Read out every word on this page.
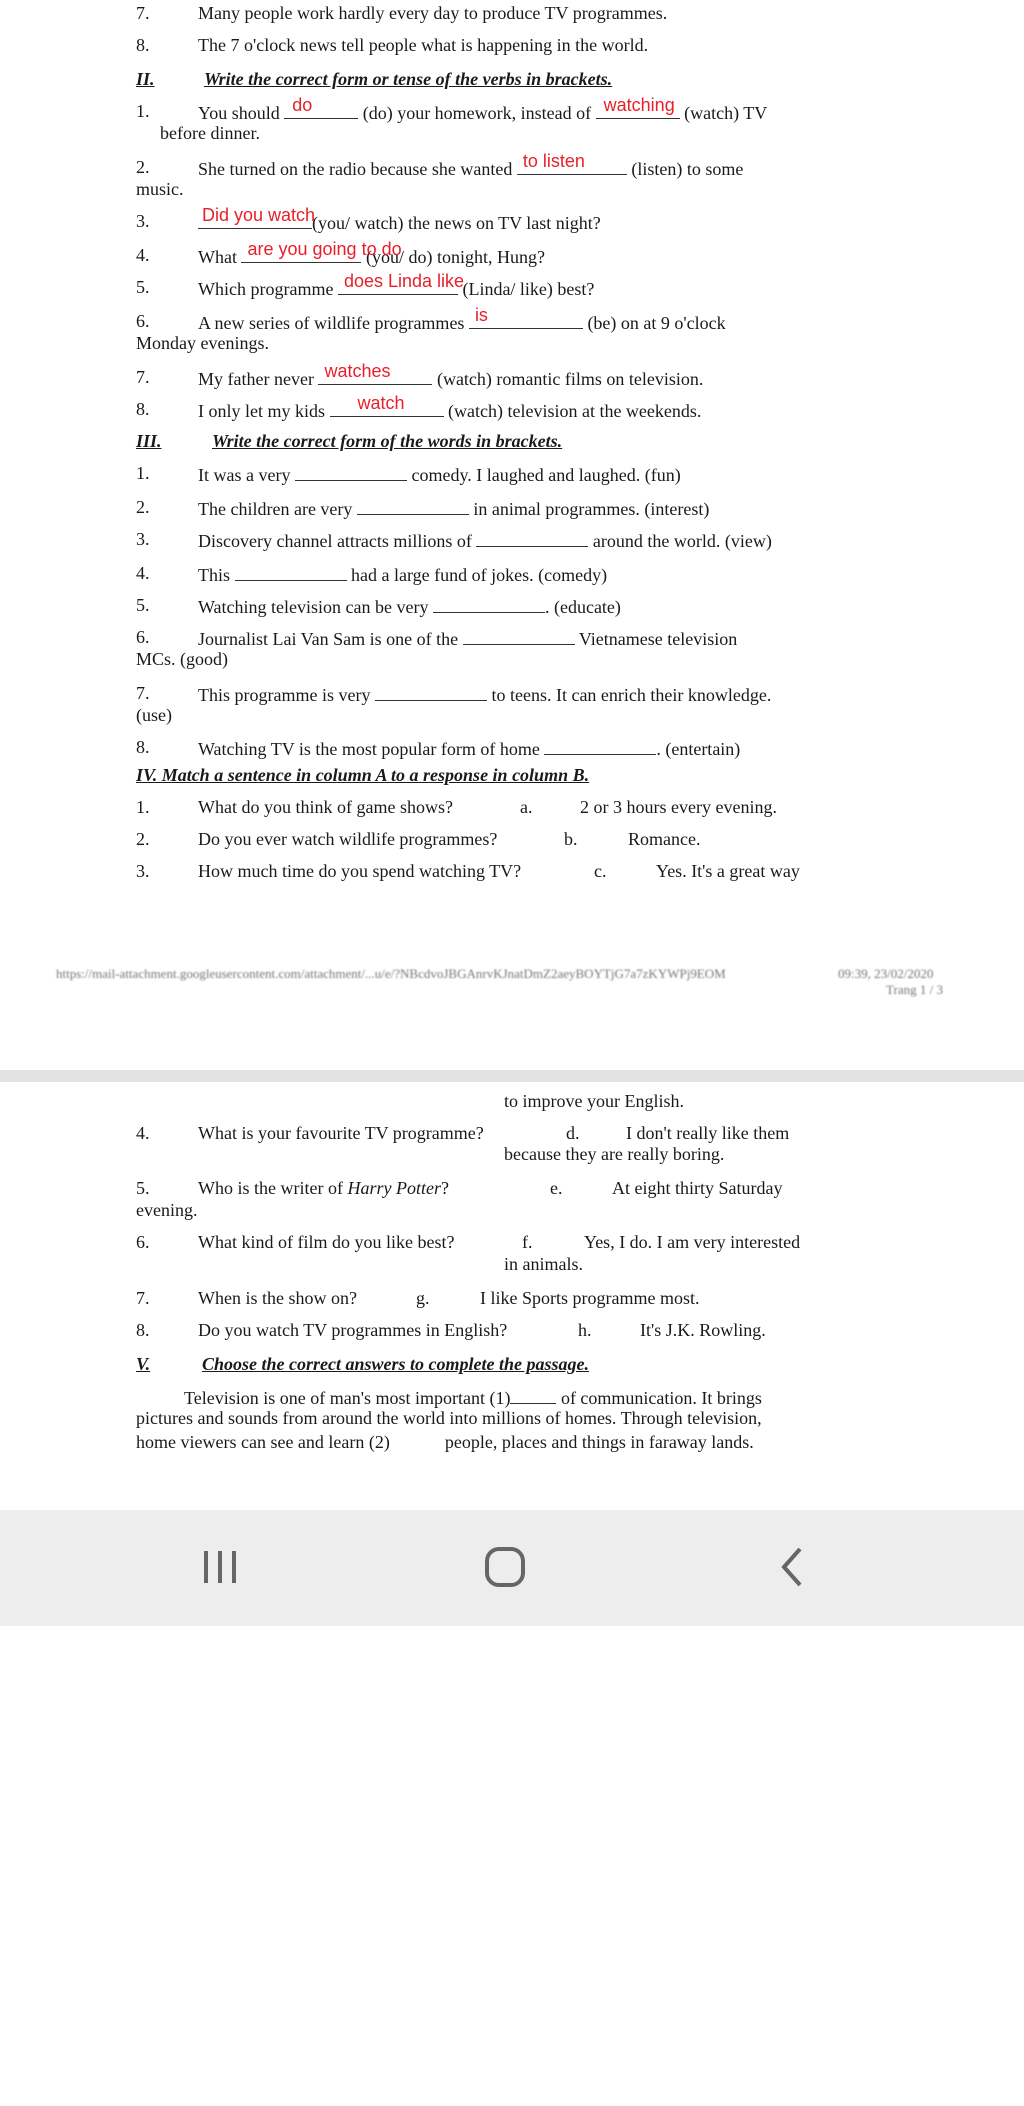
7.	Many people work hardly every day to produce TV programmes.
8.	The 7 o'clock news tell people what is happening in the world.
II.	Write the correct form or tense of the verbs in brackets.
1.	You should do	(do) your homework, instead of watching (watch) TV
before dinner.
2.	She turned on the radio because she wanted to listen	(listen) to some
music.
3.	Did you watch
(you/ watch) the news on TV last night?
4.	What are you going to do
(you/ do) tonight, Hung?
5.	Which programme does Linda like
(Linda/ like) best?
6.	A new series of wildlife programmes is	(be) on at 9 o'clock
Monday evenings.
7.	My father never watches	(watch) romantic films on television.
8.	I only let my kids watch (watch) television at the weekends.
III.	Write the correct form of the words in brackets.
1.	It was a very	comedy. I laughed and laughed. (fun)
2.	The children are very	in animal programmes. (interest)
3.	Discovery channel attracts millions of	around the world. (view)
4.	This	had a large fund of jokes. (comedy)
5.	Watching television can be very	. (educate)
6.	Journalist Lai Van Sam is one of the	Vietnamese television
MCs. (good)
7.	This programme is very	to teens. It can enrich their knowledge.
(use)
8.	Watching TV is the most popular form of home	. (entertain)
IV. Match a sentence in column A to a response in column B.
1.	What do you think of game shows?	a.	2 or 3 hours every evening.
2.	Do you ever watch wildlife programmes?	b.	Romance.
3.	How much time do you spend watching TV?	c.	Yes. It's a great way
https://mail-attachment.googleusercontent.com/attachment/...u/e/?NBcdvoJBGAnrvKJnatDmZ2aeyBOYTjG7a7zKYWPj9EOM	09:39, 23/02/2020
Trang 1 / 3
to improve your English.
4.	What is your favourite TV programme?	d.	I don't really like them
because they are really boring.
5.	Who is the writer of Harry Potter?	e.	At eight thirty Saturday
evening.
6.	What kind of film do you like best?	f.	Yes, I do. I am very interested
in animals.
7.	When is the show on?	g.	I like Sports programme most.
8.	Do you watch TV programmes in English?	h.	It's J.K. Rowling.
V.	Choose the correct answers to complete the passage.
Television is one of man's most important (1)	of communication. It brings
pictures and sounds from around the world into millions of homes. Through television,
home viewers can see and learn (2)	people, places and things in faraway lands.
